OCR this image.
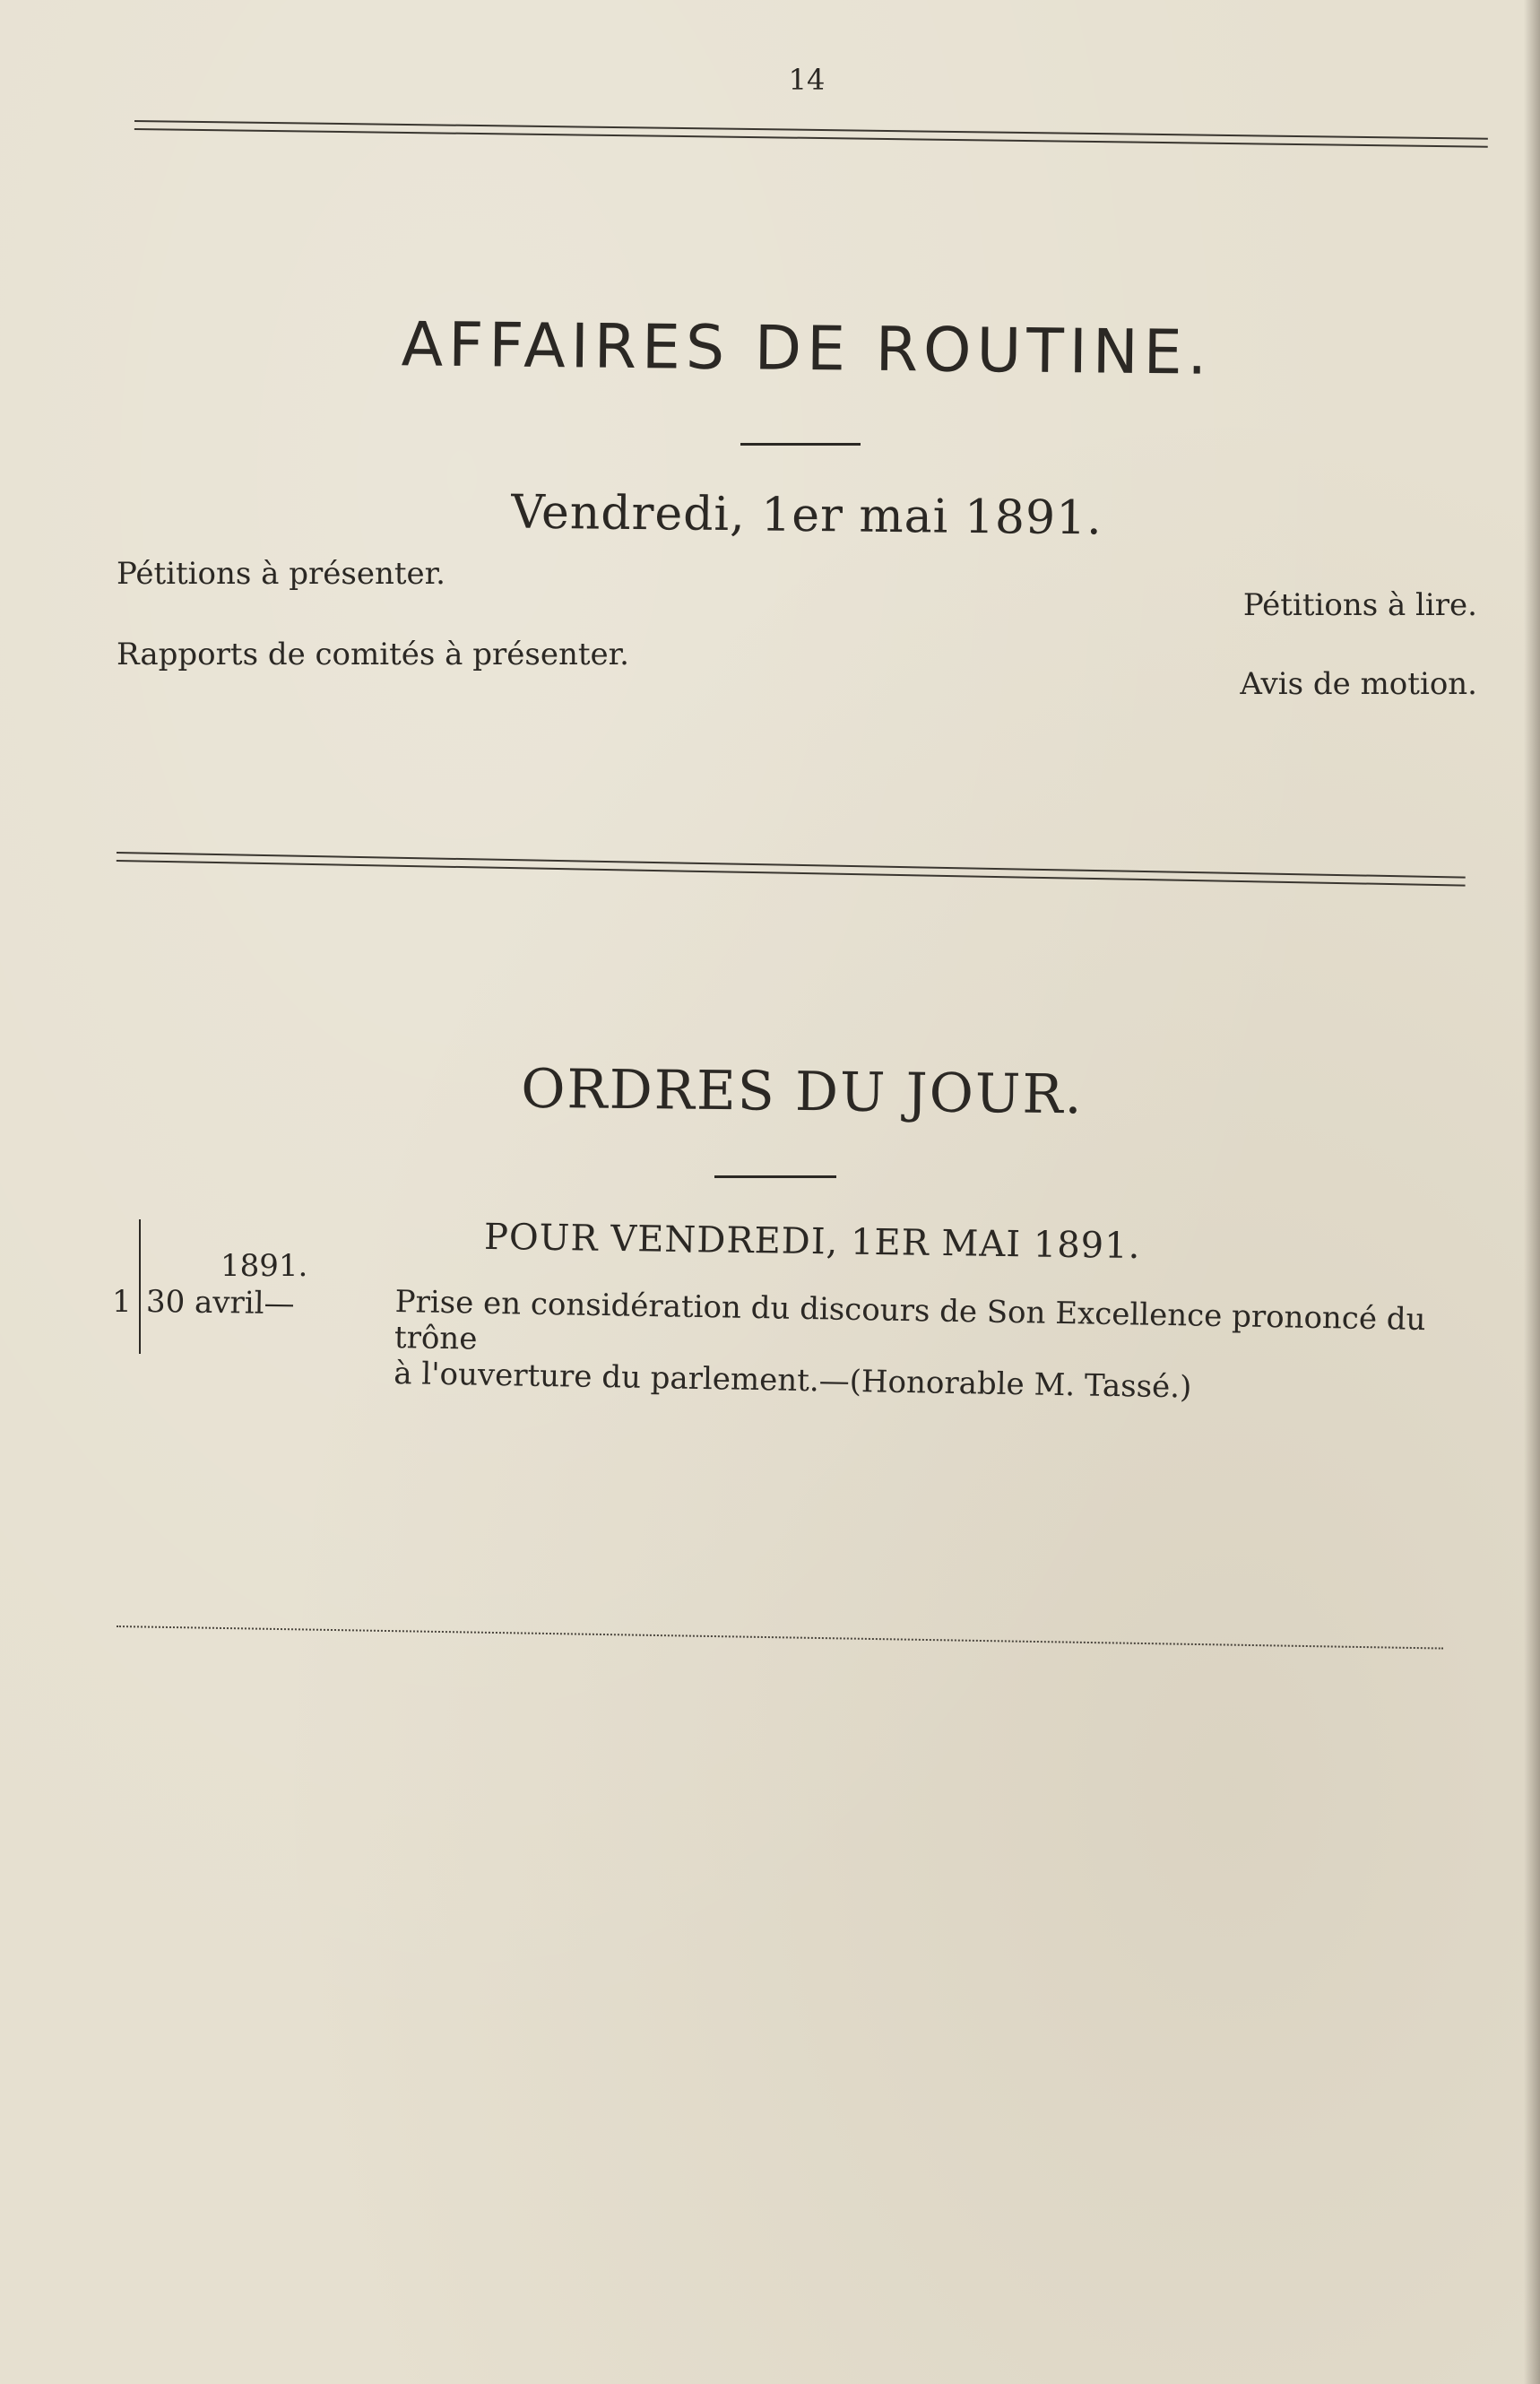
14
AFFAIRES DE ROUTINE.
Vendredi, 1er mai 1891.
Pétitions à présenter.
Rapports de comités à présenter.
Pétitions à lire.
Avis de motion.
ORDRES DU JOUR.
POUR VENDREDI, 1ER MAI 1891.
1891.
1 30 avril—	Prise en considération du discours de Son Excellence prononcé du trône
à l'ouverture du parlement.—(Honorable M. Tassé.)
